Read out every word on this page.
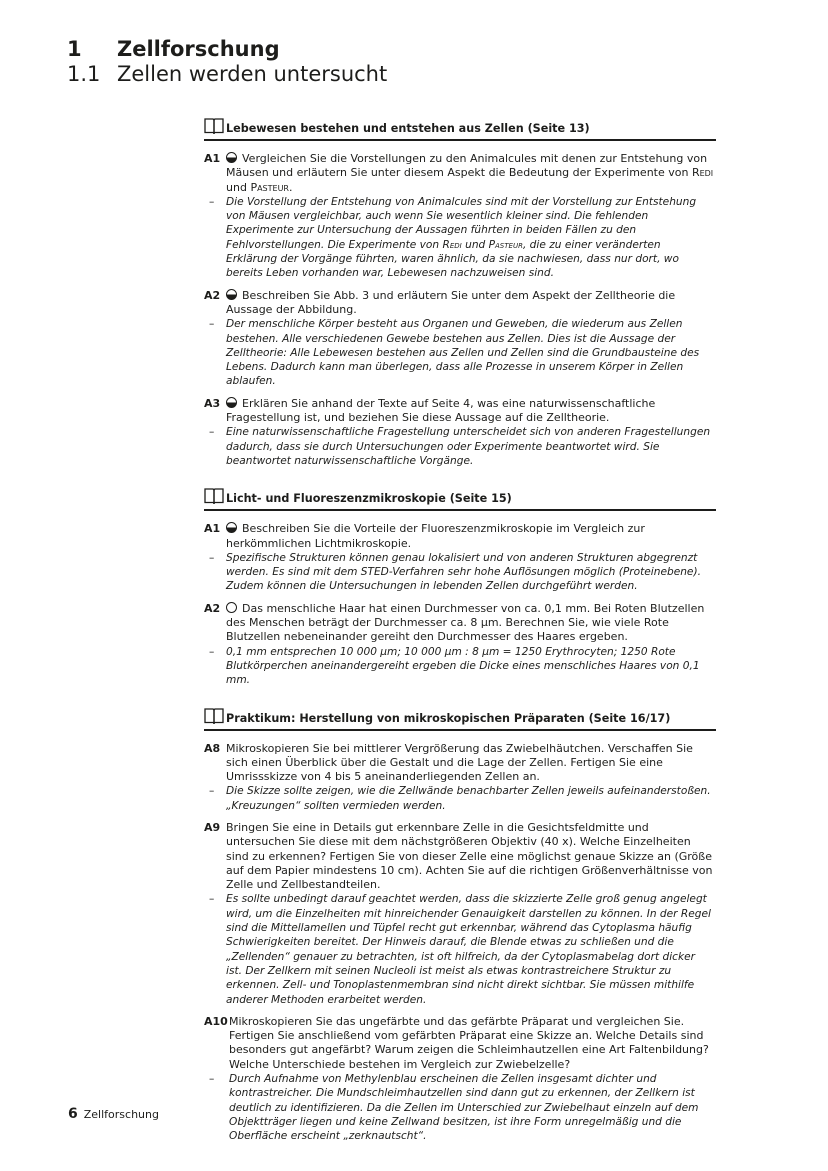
1 Zellforschung
1.1 Zellen werden untersucht
Lebewesen bestehen und entstehen aus Zellen (Seite 13)
A1	Vergleichen Sie die Vorstellungen zu den Animalcules mit denen zur Entstehung von Mäusen und erläutern Sie unter diesem Aspekt die Bedeutung der Experimente von Redi und Pasteur.
– Die Vorstellung der Entstehung von Animalcules sind mit der Vorstellung zur Entstehung von Mäusen vergleichbar, auch wenn Sie wesentlich kleiner sind. Die fehlenden Experimente zur Untersuchung der Aussagen führten in beiden Fällen zu den Fehlvorstellungen. Die Experimente von Redi und Pasteur, die zu einer veränderten Erklärung der Vorgänge führten, waren ähnlich, da sie nachwiesen, dass nur dort, wo bereits Leben vorhanden war, Lebewesen nachzuweisen sind.
A2	Beschreiben Sie Abb. 3 und erläutern Sie unter dem Aspekt der Zelltheorie die Aussage der Abbildung.
– Der menschliche Körper besteht aus Organen und Geweben, die wiederum aus Zellen bestehen. Alle verschiedenen Gewebe bestehen aus Zellen. Dies ist die Aussage der Zelltheorie: Alle Lebewesen bestehen aus Zellen und Zellen sind die Grundbausteine des Lebens. Dadurch kann man überlegen, dass alle Prozesse in unserem Körper in Zellen ablaufen.
A3	Erklären Sie anhand der Texte auf Seite 4, was eine naturwissenschaftliche Fragestellung ist, und beziehen Sie diese Aussage auf die Zelltheorie.
– Eine naturwissenschaftliche Fragestellung unterscheidet sich von anderen Fragestellungen dadurch, dass sie durch Untersuchungen oder Experimente beantwortet wird. Sie beantwortet naturwissenschaftliche Vorgänge.
Licht- und Fluoreszenzmikroskopie (Seite 15)
A1	Beschreiben Sie die Vorteile der Fluoreszenzmikroskopie im Vergleich zur herkömmlichen Lichtmikroskopie.
– Spezifische Strukturen können genau lokalisiert und von anderen Strukturen abgegrenzt werden. Es sind mit dem STED-Verfahren sehr hohe Auflösungen möglich (Proteinebene). Zudem können die Untersuchungen in lebenden Zellen durchgeführt werden.
A2	Das menschliche Haar hat einen Durchmesser von ca. 0,1 mm. Bei Roten Blutzellen des Menschen beträgt der Durchmesser ca. 8 µm. Berechnen Sie, wie viele Rote Blutzellen nebeneinander gereiht den Durchmesser des Haares ergeben.
– 0,1 mm entsprechen 10 000 µm; 10 000 µm : 8 µm = 1250 Erythrocyten; 1250 Rote Blutkörperchen aneinandergereiht ergeben die Dicke eines menschliches Haares von 0,1 mm.
Praktikum: Herstellung von mikroskopischen Präparaten (Seite 16/17)
A8 Mikroskopieren Sie bei mittlerer Vergrößerung das Zwiebelhäutchen. Verschaffen Sie sich einen Überblick über die Gestalt und die Lage der Zellen. Fertigen Sie eine Umrissskizze von 4 bis 5 aneinanderliegenden Zellen an.
– Die Skizze sollte zeigen, wie die Zellwände benachbarter Zellen jeweils aufeinanderstoßen. „Kreuzungen“ sollten vermieden werden.
A9 Bringen Sie eine in Details gut erkennbare Zelle in die Gesichtsfeldmitte und untersuchen Sie diese mit dem nächstgrößeren Objektiv (40 x). Welche Einzelheiten sind zu erkennen? Fertigen Sie von dieser Zelle eine möglichst genaue Skizze an (Größe auf dem Papier mindestens 10 cm). Achten Sie auf die richtigen Größenverhältnisse von Zelle und Zellbestandteilen.
– Es sollte unbedingt darauf geachtet werden, dass die skizzierte Zelle groß genug angelegt wird, um die Einzelheiten mit hinreichender Genauigkeit darstellen zu können. In der Regel sind die Mittellamellen und Tüpfel recht gut erkennbar, während das Cytoplasma häufig Schwierigkeiten bereitet. Der Hinweis darauf, die Blende etwas zu schließen und die „Zellenden“ genauer zu betrachten, ist oft hilfreich, da der Cytoplasmabelag dort dicker ist. Der Zellkern mit seinen Nucleoli ist meist als etwas kontrastreichere Struktur zu erkennen. Zell- und Tonoplastenmembran sind nicht direkt sichtbar. Sie müssen mithilfe anderer Methoden erarbeitet werden.
A10 Mikroskopieren Sie das ungefärbte und das gefärbte Präparat und vergleichen Sie. Fertigen Sie anschließend vom gefärbten Präparat eine Skizze an. Welche Details sind besonders gut angefärbt? Warum zeigen die Schleimhautzellen eine Art Faltenbildung? Welche Unterschiede bestehen im Vergleich zur Zwiebelzelle?
– Durch Aufnahme von Methylenblau erscheinen die Zellen insgesamt dichter und kontrastreicher. Die Mundschleimhautzellen sind dann gut zu erkennen, der Zellkern ist deutlich zu identifizieren. Da die Zellen im Unterschied zur Zwiebelhaut einzeln auf dem Objektträger liegen und keine Zellwand besitzen, ist ihre Form unregelmäßig und die Oberfläche erscheint „zerknautscht“.
6 Zellforschung
